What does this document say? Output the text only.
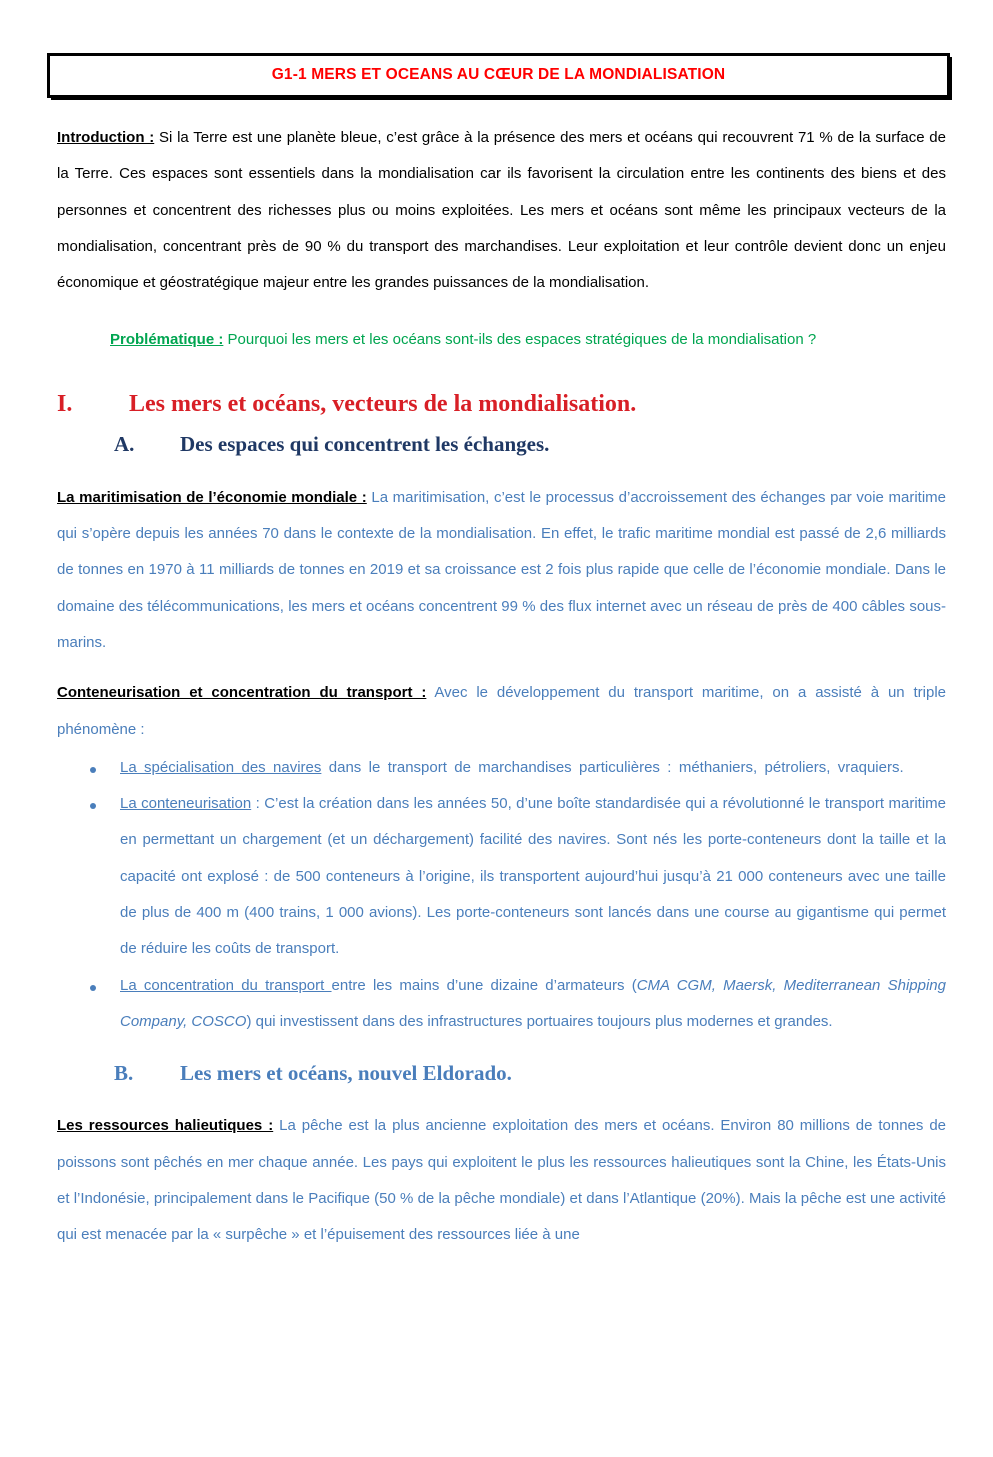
G1-1 MERS ET OCEANS AU CŒUR DE LA MONDIALISATION

Introduction : Si la Terre est une planète bleue, c’est grâce à la présence des mers et océans qui recouvrent 71 % de la surface de la Terre. Ces espaces sont essentiels dans la mondialisation car ils favorisent la circulation entre les continents des biens et des personnes et concentrent des richesses plus ou moins exploitées. Les mers et océans sont même les principaux vecteurs de la mondialisation, concentrant près de 90 % du transport des marchandises. Leur exploitation et leur contrôle devient donc un enjeu économique et géostratégique majeur entre les grandes puissances de la mondialisation.

Problématique : Pourquoi les mers et les océans sont-ils des espaces stratégiques de la mondialisation ?
I.	Les mers et océans, vecteurs de la mondialisation.
A.	Des espaces qui concentrent les échanges.

La maritimisation de l’économie mondiale : La maritimisation, c’est le processus d’accroissement des échanges par voie maritime qui s’opère depuis les années 70 dans le contexte de la mondialisation. En effet, le trafic maritime mondial est passé de 2,6 milliards de tonnes en 1970 à 11 milliards de tonnes en 2019 et sa croissance est 2 fois plus rapide que celle de l’économie mondiale. Dans le domaine des télécommunications, les mers et océans concentrent 99 % des flux internet avec un réseau de près de 400 câbles sous-marins.

Conteneurisation et concentration du transport : Avec le développement du transport maritime, on a assisté à un triple phénomène :

La spécialisation des navires dans le transport de marchandises particulières : méthaniers, pétroliers, vraquiers.
La conteneurisation : C’est la création dans les années 50, d’une boîte standardisée qui a révolutionné le transport maritime en permettant un chargement (et un déchargement) facilité des navires. Sont nés les porte-conteneurs dont la taille et la capacité ont explosé : de 500 conteneurs à l’origine, ils transportent aujourd’hui jusqu’à 21 000 conteneurs avec une taille de plus de 400 m (400 trains, 1 000 avions). Les porte-conteneurs sont lancés dans une course au gigantisme qui permet de réduire les coûts de transport.
La concentration du transport entre les mains d’une dizaine d’armateurs (CMA CGM, Maersk, Mediterranean Shipping Company, COSCO) qui investissent dans des infrastructures portuaires toujours plus modernes et grandes.
B.	Les mers et océans, nouvel Eldorado.

Les ressources halieutiques : La pêche est la plus ancienne exploitation des mers et océans. Environ 80 millions de tonnes de poissons sont pêchés en mer chaque année. Les pays qui exploitent le plus les ressources halieutiques sont la Chine, les États-Unis et l’Indonésie, principalement dans le Pacifique (50 % de la pêche mondiale) et dans l’Atlantique (20%). Mais la pêche est une activité qui est menacée par la « surpêche » et l’épuisement des ressources liée à une
